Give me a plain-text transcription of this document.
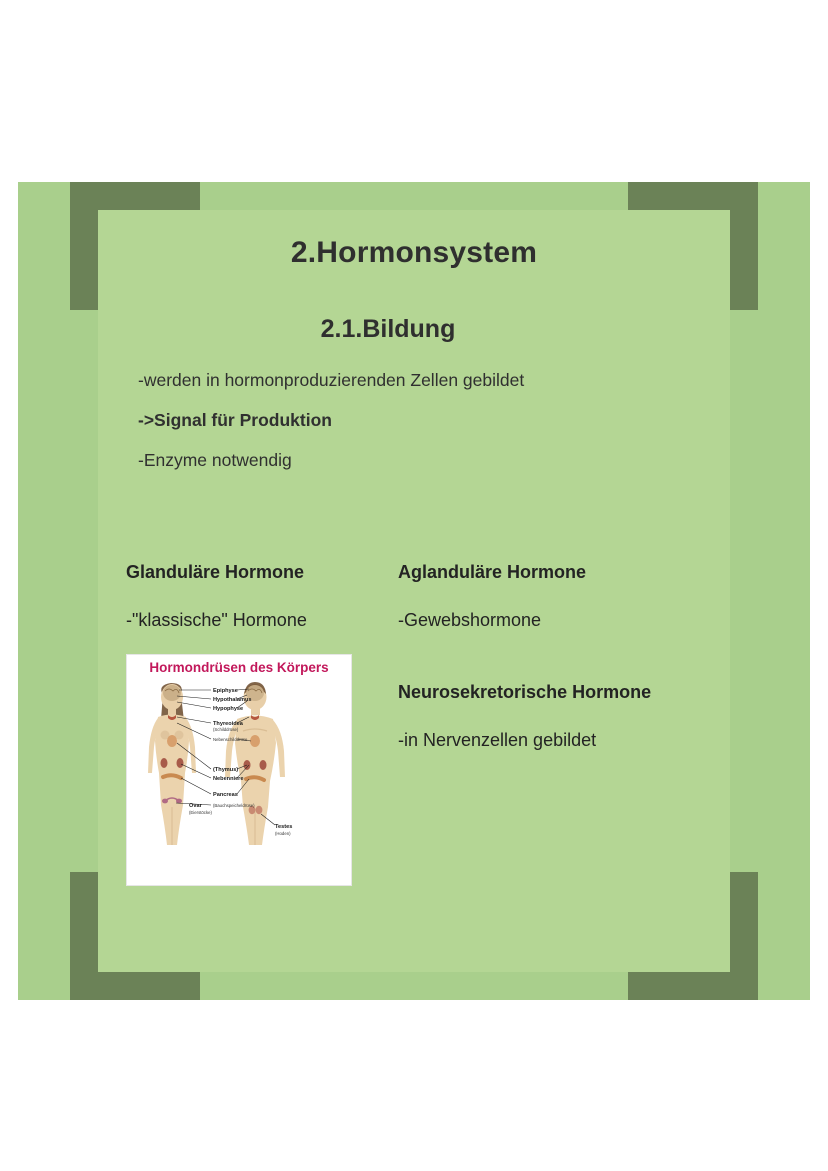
2.Hormonsystem
2.1.Bildung
-werden in hormonproduzierenden Zellen gebildet
->Signal für Produktion
-Enzyme notwendig
Glanduläre Hormone
-"klassische" Hormone
Aglanduläre Hormone
-Gewebshormone
Neurosekretorische Hormone
-in Nervenzellen gebildet
Hormondrüsen des Körpers
Epiphyse
Hypothalamus
Hypophyse
Thyreoidea
(Schilddrüse)
Nebenschilddrüse
(Thymus)
Nebenniere
Pancreas
(Bauchspeicheldrüse)
Ovar
(Eierstöcke)
Testes
(Hoden)
